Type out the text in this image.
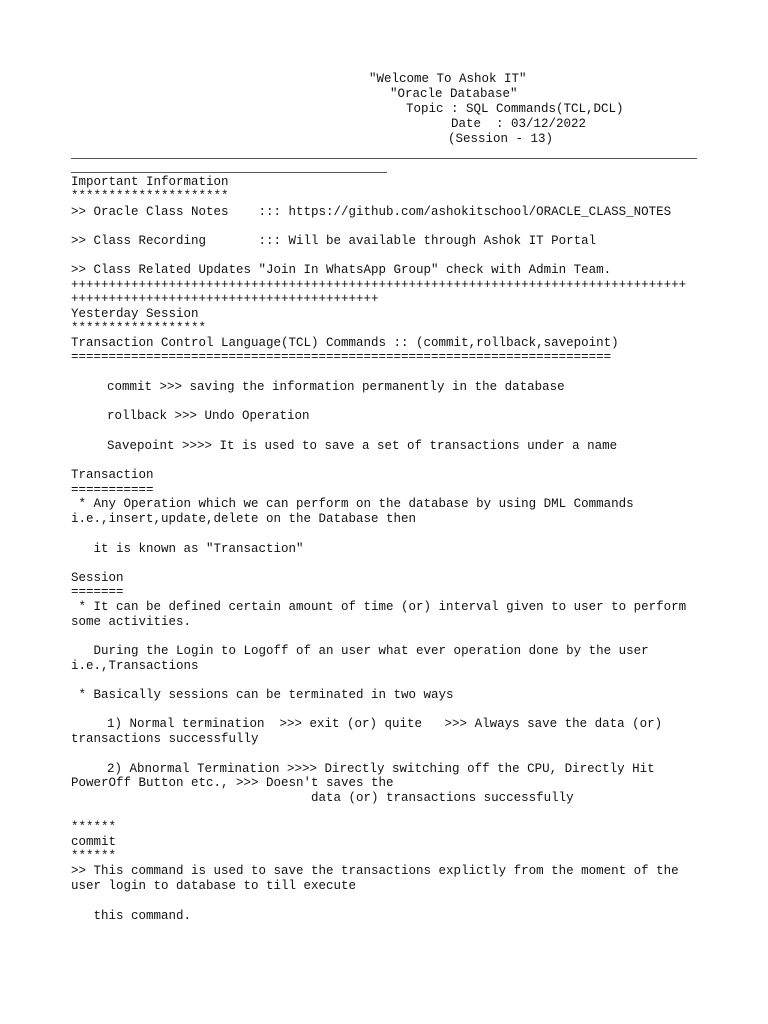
"Welcome To Ashok IT"
"Oracle Database"
Topic : SQL Commands(TCL,DCL)
Date  : 03/12/2022
(Session - 13)
Important Information
*********************
>> Oracle Class Notes    ::: https://github.com/ashokitschool/ORACLE_CLASS_NOTES
>> Class Recording       ::: Will be available through Ashok IT Portal
>> Class Related Updates "Join In WhatsApp Group" check with Admin Team.
++++++++++++++++++++++++++++++++++++++++++++++++++++++++++++++++++++++++++++++++++
+++++++++++++++++++++++++++++++++++++++++
Yesterday Session
******************
Transaction Control Language(TCL) Commands :: (commit,rollback,savepoint)
========================================================================
commit >>> saving the information permanently in the database
rollback >>> Undo Operation
Savepoint >>>> It is used to save a set of transactions under a name
Transaction
===========
* Any Operation which we can perform on the database by using DML Commands
i.e.,insert,update,delete on the Database then
it is known as "Transaction"
Session
=======
* It can be defined certain amount of time (or) interval given to user to perform
some activities.
During the Login to Logoff of an user what ever operation done by the user
i.e.,Transactions
* Basically sessions can be terminated in two ways
1) Normal termination  >>> exit (or) quite   >>> Always save the data (or)
transactions successfully
2) Abnormal Termination >>>> Directly switching off the CPU, Directly Hit
PowerOff Button etc., >>> Doesn't saves the
data (or) transactions successfully
******
commit
******
>> This command is used to save the transactions explictly from the moment of the
user login to database to till execute
this command.
